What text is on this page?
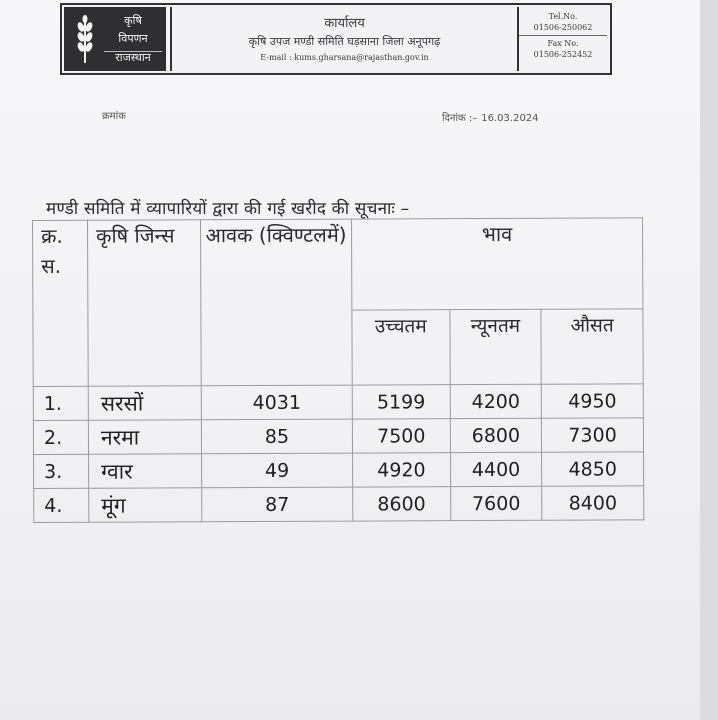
कृषि
विपणन
राजस्थान
कार्यालय
कृषि उपज मण्डी समिति घड़साना जिला अनूपगढ़
E-mail : kums.gharsana@rajasthan.gov.in
Tel.No.
01506-250062
Fax No.
01506-252452
क्रमांक	दिनांक :– 16.03.2024
मण्डी समिति में व्यापारियों द्वारा की गई खरीद की सूचनाः –
क्र. स.	कृषि जिन्स	आवक (क्विण्टलमें)	भाव		
			उच्चतम	न्यूनतम	औसत
1.	सरसों	4031	5199	4200	4950
2.	नरमा	85	7500	6800	7300
3.	ग्वार	49	4920	4400	4850
4.	मूंग	87	8600	7600	8400
